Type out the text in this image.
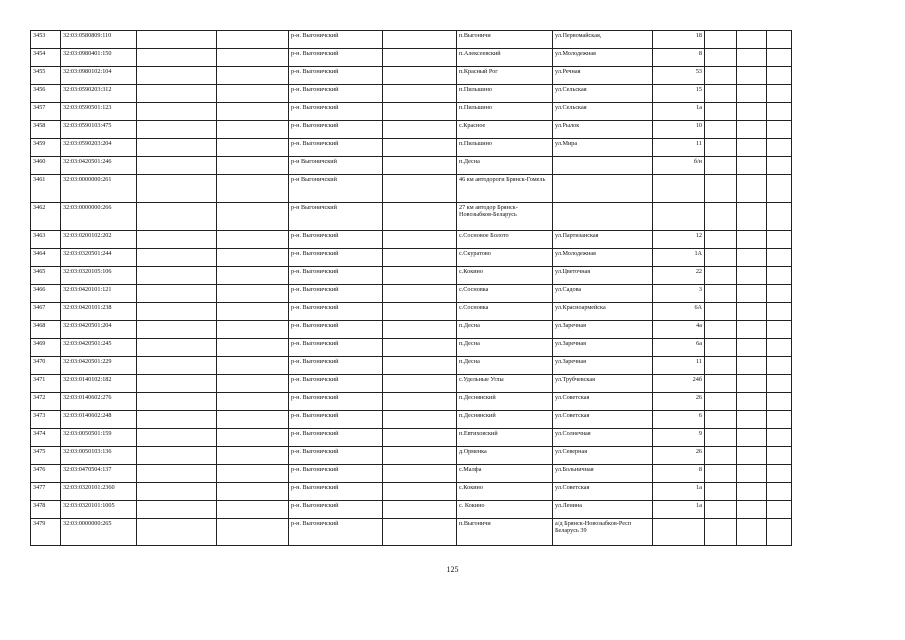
3453	32:03:0580809:110			р-н. Выгоничский		п.Выгоничи	ул.Первомайская,	18			
3454	32:03:0980401:150			р-н. Выгоничский		п.Алексеевский	ул.Молодежная	8			
3455	32:03:0980102:104			р-н. Выгоничский		п.Красный Рог	ул.Речная	53			
3456	32:03:0590203:312			р-н. Выгоничский		п.Пильшино	ул.Сельская	15			
3457	32:03:0590501:123			р-н. Выгоничский		п.Пильшино	ул.Сельская	1а			
3458	32:03:0590103:475			р-н. Выгоничский		с.Красное	ул.Рылок	10			
3459	32:03:0590203:204			р-н. Выгоничский		п.Пильшино	ул.Мира	11			
3460	32:03:0420501:246			р-н Выгоничский		п.Десна		б/н			
3461	32:03:0000000:261			р-н Выгоничский		46 км автодороги Брянск-Гомель					
3462	32:03:0000000:266			р-н Выгоничский		27 км автодор Брянск-Новозыбков-Беларусь					
3463	32:03:0200102:202			р-н. Выгоничский		с.Сосновое Болото	ул.Партизанская	12			
3464	32:03:0320501:244			р-н. Выгоничский		с.Скуратово	ул.Молодежная	1А			
3465	32:03:0320105:106			р-н. Выгоничский		с.Кокино	ул.Цветочная	22			
3466	32:03:0420101:121			р-н. Выгоничский		с.Сосновка	ул.Садова	3			
3467	32:03:0420101:238			р-н. Выгоничский		с.Сосновка	ул.Красноармейска	6А			
3468	32:03:0420501:204			р-н. Выгоничский		п.Десна	ул.Заречная	4а			
3469	32:03:0420501:245			р-н. Выгоничский		п.Десна	ул.Заречная	6а			
3470	32:03:0420501:229			р-н. Выгоничский		п.Десна	ул.Заречная	11			
3471	32:03:0140102:182			р-н. Выгоничский		с.Удельные Углы	ул.Трубчевская	24б			
3472	32:03:0140602:276			р-н. Выгоничский		п.Деснянский	ул.Советская	26			
3473	32:03:0140602:248			р-н. Выгоничский		п.Деснянский	ул.Советская	6			
3474	32:03:0050501:159			р-н. Выгоничский		п.Евтиховский	ул.Солнечная	9			
3475	32:03:0050103:136			р-н. Выгоничский		д.Орменка	ул.Северная	26			
3476	32:03:0470504:137			р-н. Выгоничский		с.Малфа	ул.Больничная	8			
3477	32:03:0320101:2360			р-н. Выгоничский		с.Кокино	ул.Советская	1а			
3478	32:03:0320101:1005			р-н. Выгоничский		с. Кокино	ул.Ленина	1а			
3479	32:03:0000000:265			р-н. Выгоничский		п.Выгоничи	а/д Брянск-Новозыбков-Респ Беларусь 39				
125
